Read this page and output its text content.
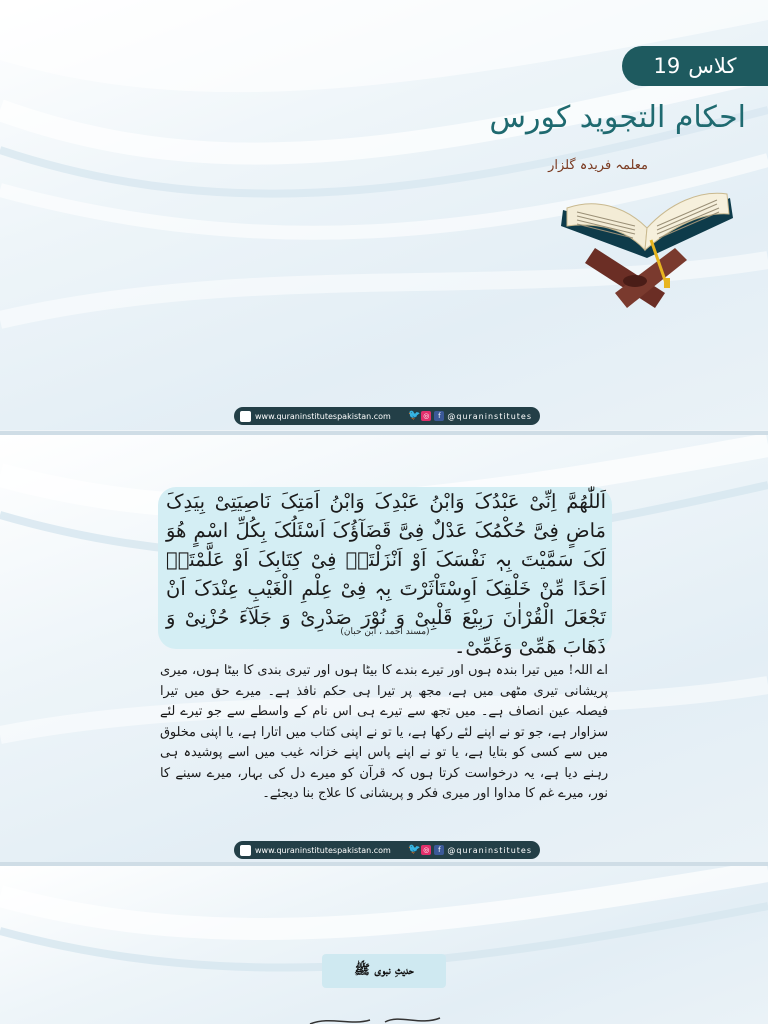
کلاس
19
احکام التجوید کورس
معلمہ فریدہ گلزار
www.quraninstitutespakistan.com 🐦 ◎	f @quraninstitutes
اَللّٰھُمَّ اِنِّیْ عَبْدُکَ وَابْنُ عَبْدِکَ وَابْنُ اَمَتِکَ نَاصِیَتِیْ بِیَدِکَ مَاضٍ فِیَّ حُکْمُکَ عَدْلٌ فِیَّ قَضَآؤُکَ اَسْئَلُکَ بِکُلِّ اسْمٍ ھُوَ لَکَ سَمَّیْتَ بِہٖ نَفْسَکَ اَوْ اَنْزَلْتَہٗ فِیْ کِتَابِکَ اَوْ عَلَّمْتَہٗ اَحَدًا مِّنْ خَلْقِکَ اَوِسْتَاْثَرْتَ بِہٖ فِیْ عِلْمِ الْغَیْبِ عِنْدَکَ اَنْ تَجْعَلَ الْقُرْاٰنَ رَبِیْعَ قَلْبِیْ وَ نُوْرَ صَدْرِیْ وَ جَلَآءَ حُزْنِیْ وَ ذَھَابَ ھَمِّیْ وَغَمِّیْ۔
(مسند احمد ، ابن حبان)
اے اللہ! میں تیرا بندہ ہوں اور تیرے بندے کا بیٹا ہوں اور تیری بندی کا بیٹا ہوں، میری پریشانی تیری مٹھی میں ہے، مجھ پر تیرا ہی حکم نافذ ہے۔ میرے حق میں تیرا فیصلہ عین انصاف ہے۔ میں تجھ سے تیرے ہی اس نام کے واسطے سے جو تیرے لئے سزاوار ہے، جو تو نے اپنے لئے رکھا ہے، یا تو نے اپنی کتاب میں اتارا ہے، یا اپنی مخلوق میں سے کسی کو بتایا ہے، یا تو نے اپنے پاس اپنے خزانہ غیب میں اسے پوشیدہ ہی رہنے دیا ہے، یہ درخواست کرتا ہوں کہ قرآن کو میرے دل کی بہار، میرے سینے کا نور، میرے غم کا مداوا اور میری فکر و پریشانی کا علاج بنا دیجئے۔
www.quraninstitutespakistan.com 🐦 ◎	f @quraninstitutes
حدیثِ نبوی ﷺ
